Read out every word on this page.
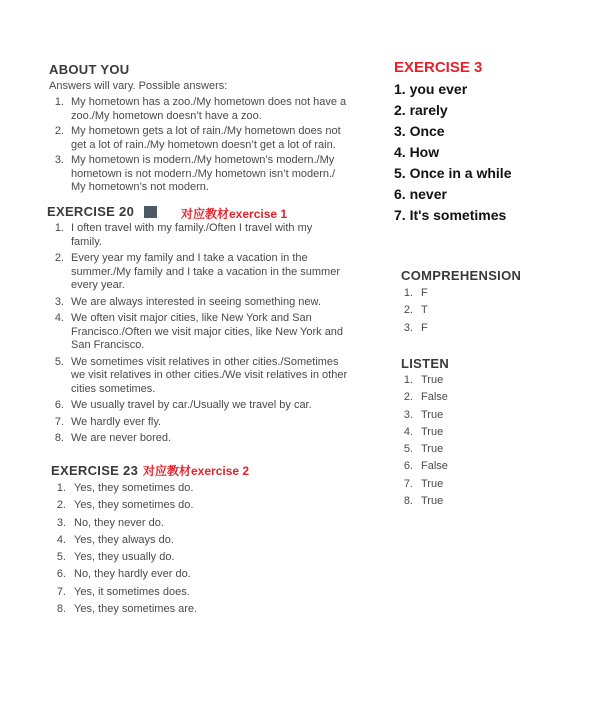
ABOUT YOU
Answers will vary. Possible answers:
1. My hometown has a zoo./My hometown does not have a
zoo./My hometown doesn’t have a zoo.
2. My hometown gets a lot of rain./My hometown does not
get a lot of rain./My hometown doesn’t get a lot of rain.
3. My hometown is modern./My hometown’s modern./My
hometown is not modern./My hometown isn’t modern./
My hometown’s not modern.
EXERCISE 20	对应教材exercise 1
1. I often travel with my family./Often I travel with my
family.
2. Every year my family and I take a vacation in the
summer./My family and I take a vacation in the summer
every year.
3. We are always interested in seeing something new.
4. We often visit major cities, like New York and San
Francisco./Often we visit major cities, like New York and
San Francisco.
5. We sometimes visit relatives in other cities./Sometimes
we visit relatives in other cities./We visit relatives in other
cities sometimes.
6. We usually travel by car./Usually we travel by car.
7. We hardly ever fly.
8. We are never bored.
EXERCISE 23 对应教材exercise 2
1. Yes, they sometimes do.
2. Yes, they sometimes do.
3. No, they never do.
4. Yes, they always do.
5. Yes, they usually do.
6. No, they hardly ever do.
7. Yes, it sometimes does.
8. Yes, they sometimes are.
EXERCISE 3
1. you ever
2. rarely
3. Once
4. How
5. Once in a while
6. never
7. It's sometimes
COMPREHENSION
1. F
2. T
3. F
LISTEN
1. True
2. False
3. True
4. True
5. True
6. False
7. True
8. True
